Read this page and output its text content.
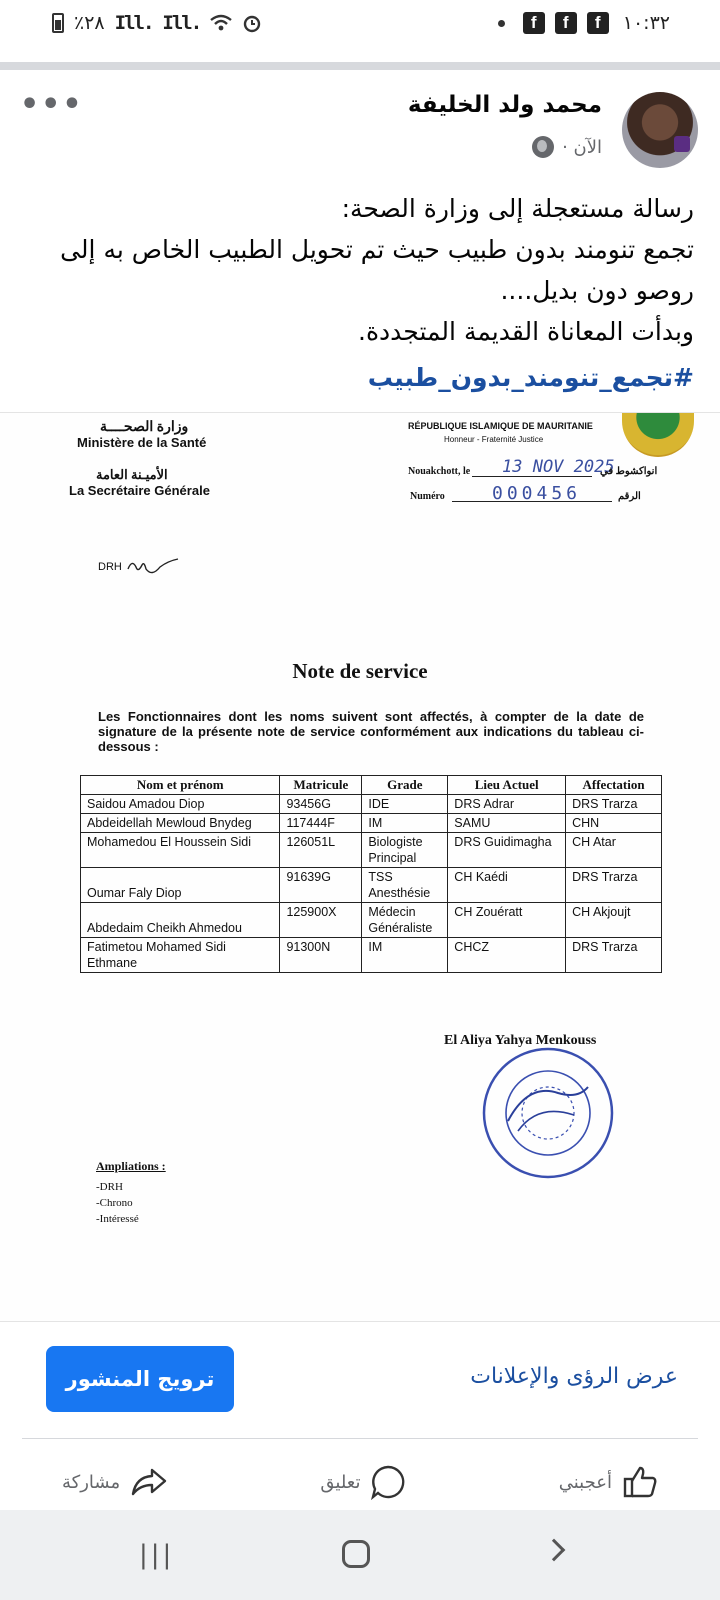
٪٢٨ Ill. Ill.	f	f	f	١٠:٣٢
محمد ولد الخليفة
الآن ·
•••
رسالة مستعجلة إلى وزارة الصحة:
تجمع تنومند بدون طبيب حيث تم تحويل الطبيب الخاص به إلى
روصو دون بديل....
وبدأت المعاناة القديمة المتجددة.
#تجمع_تنومند_بدون_طبيب
وزارة الصحــــة
Ministère de la Santé
الأميـنة العامة
La Secrétaire Générale
RÉPUBLIQUE ISLAMIQUE DE MAURITANIE
Honneur - Fraternité Justice
Nouakchott, le 13 NOV 2025
انواكشوط في
Numéro	000456	الرقم
DRH
Note de service
Les Fonctionnaires dont les noms suivent sont affectés, à compter de la date de signature de la présente note de service conformément aux indications du tableau ci-dessous :
Nom et prénom	Matricule	Grade	Lieu Actuel	Affectation
Saidou Amadou Diop	93456G	IDE	DRS Adrar	DRS Trarza
Abdeidellah Mewloud Bnydeg	117444F	IM	SAMU	CHN
Mohamedou El Houssein Sidi	126051L	Biologiste Principal	DRS Guidimagha	CH Atar
Oumar Faly Diop	91639G	TSS Anesthésie	CH Kaédi	DRS Trarza
Abdedaim Cheikh Ahmedou	125900X	Médecin Généraliste	CH Zouératt	CH Akjoujt
Fatimetou Mohamed Sidi Ethmane	91300N	IM	CHCZ	DRS Trarza
El Aliya Yahya Menkouss
Ampliations :
-DRH
-Chrono
-Intéressé
ترويج المنشور	عرض الرؤى والإعلانات
مشاركة	تعليق	أعجبني
|||
